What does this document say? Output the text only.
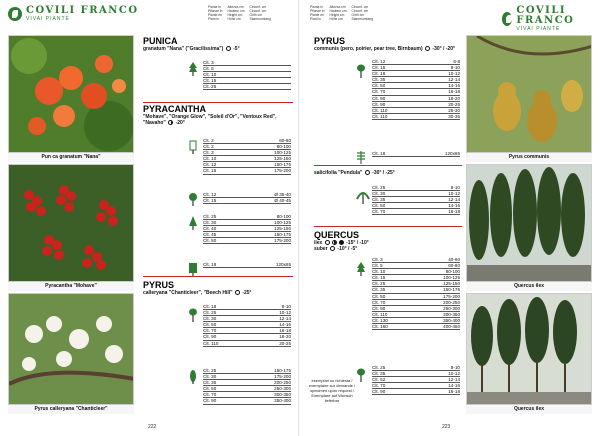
COVILI FRANCO
VIVAI PIANTE
Pianta in
Pflanze in
Plante en
Plant in
Altezza cm
Hauteur cm
Height cm
Höhe cm
Circonf. cm
Circonf. cm
Girth cm
Stammumfang
Pun ca granatum "Nana"
Pyracantha "Mohave"
Pyrus calleryana "Chanticleer"
PUNICA
granatum "Nana" ("Gracilissima") -5°
Clt. 3
Clt. 5
Clt. 10
Clt. 15
Clt. 25
PYRACANTHA
"Mohave", "Orange Glow", "Soleil d'Or", "Ventoux Red", "Navaho" -20°
Clt. 2	60-80
Clt. 2	80-100
Clt. 3	100-125
Clt. 10	125-150
Clt. 12	150-175
Clt. 15	175-200
Clt. 12	Ø 35-40
Clt. 15	Ø 40-45
Clt. 25	80-100
Clt. 30	100-125
Clt. 40	125-150
Clt. 45	150-175
Clt. 50	175-200
Clt. 18	120x65
PYRUS
calleryana "Chanticleer", "Beech Hill" -25°
Clt. 18	8-10
Clt. 25	10-12
Clt. 30	12-14
Clt. 50	14-16
Clt. 70	16-18
Clt. 90	18-20
Clt. 110	20-25
Clt. 25	150-175
Clt. 30	175-200
Clt. 35	200-250
Clt. 50	250-300
Clt. 70	300-350
Clt. 90	350-400
222
Pianta in
Pflanze in
Plante en
Plant in
Altezza cm
Hauteur cm
Height cm
Höhe cm
Circonf. cm
Circonf. cm
Girth cm
Stammumfang
COVILI FRANCO
VIVAI PIANTE
PYRUS
communis (pero, poirier, pear tree, Birnbaum) -30° / -20°
Clt. 12	6-8
Clt. 15	8-10
Clt. 18	10-12
Clt. 35	12-14
Clt. 50	14-16
Clt. 70	16-18
Clt. 90	18-20
Clt. 90	20-25
Clt. 110	25-30
Clt. 110	30-35
Clt. 18	120x65
salicifolia "Pendula" -30° / -25°
Clt. 25	8-10
Clt. 30	10-12
Clt. 35	12-14
Clt. 50	14-16
Clt. 70	16-18
QUERCUS
ilex	-15° / -10°
suber -10° / -5°
Clt. 3	40-60
Clt. 5	60-80
Clt. 10	80-100
Clt. 15	100-125
Clt. 25	125-150
Clt. 35	150-175
Clt. 50	175-200
Clt. 70	200-250
Clt. 90	250-300
Clt. 110	300-350
Clt. 130	350-400
Clt. 160	400-450
esemplari su richiesta / exemplaire sur demande / specimen upon request / Exemplare auf Wunsch lieferbar
Clt. 25	8-10
Clt. 35	10-12
Clt. 52	12-14
Clt. 70	14-16
Clt. 90	16-18
Pyrus communis
Quercus ilex
Quercus ilex
223
